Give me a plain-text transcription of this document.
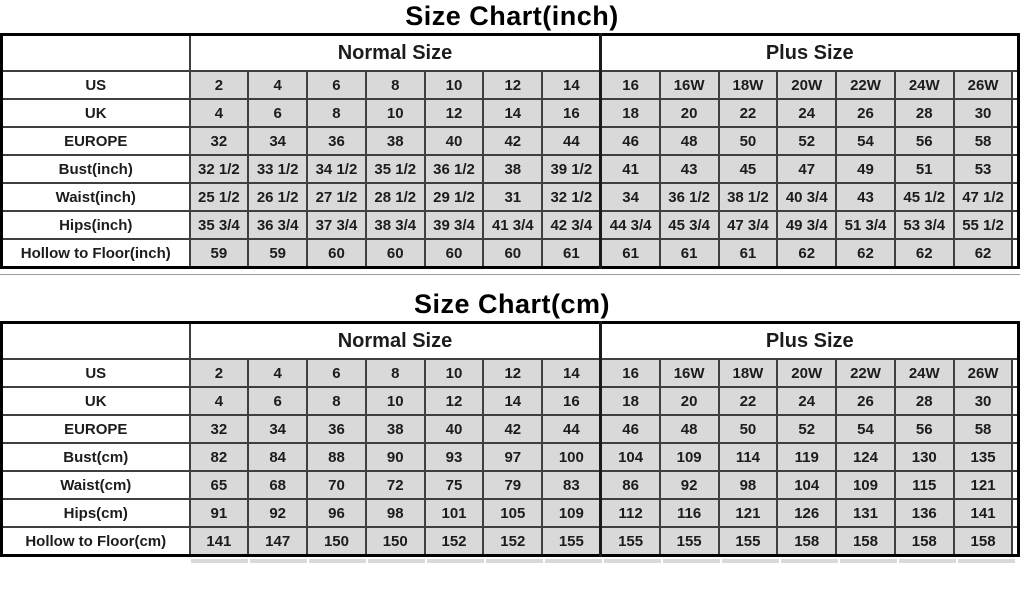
Size Chart(inch)
	Normal Size							Plus Size							
US	2	4	6	8	10	12	14	16	16W	18W	20W	22W	24W	26W	
UK	4	6	8	10	12	14	16	18	20	22	24	26	28	30	
EUROPE	32	34	36	38	40	42	44	46	48	50	52	54	56	58	
Bust(inch)	32 1/2	33 1/2	34 1/2	35 1/2	36 1/2	38	39 1/2	41	43	45	47	49	51	53	
Waist(inch)	25 1/2	26 1/2	27 1/2	28 1/2	29 1/2	31	32 1/2	34	36 1/2	38 1/2	40 3/4	43	45 1/2	47 1/2	
Hips(inch)	35 3/4	36 3/4	37 3/4	38 3/4	39 3/4	41 3/4	42 3/4	44 3/4	45 3/4	47 3/4	49 3/4	51 3/4	53 3/4	55 1/2	
Hollow to Floor(inch)	59	59	60	60	60	60	61	61	61	61	62	62	62	62	
Size Chart(cm)
	Normal Size							Plus Size							
US	2	4	6	8	10	12	14	16	16W	18W	20W	22W	24W	26W	
UK	4	6	8	10	12	14	16	18	20	22	24	26	28	30	
EUROPE	32	34	36	38	40	42	44	46	48	50	52	54	56	58	
Bust(cm)	82	84	88	90	93	97	100	104	109	114	119	124	130	135	
Waist(cm)	65	68	70	72	75	79	83	86	92	98	104	109	115	121	
Hips(cm)	91	92	96	98	101	105	109	112	116	121	126	131	136	141	
Hollow to Floor(cm)	141	147	150	150	152	152	155	155	155	155	158	158	158	158	
